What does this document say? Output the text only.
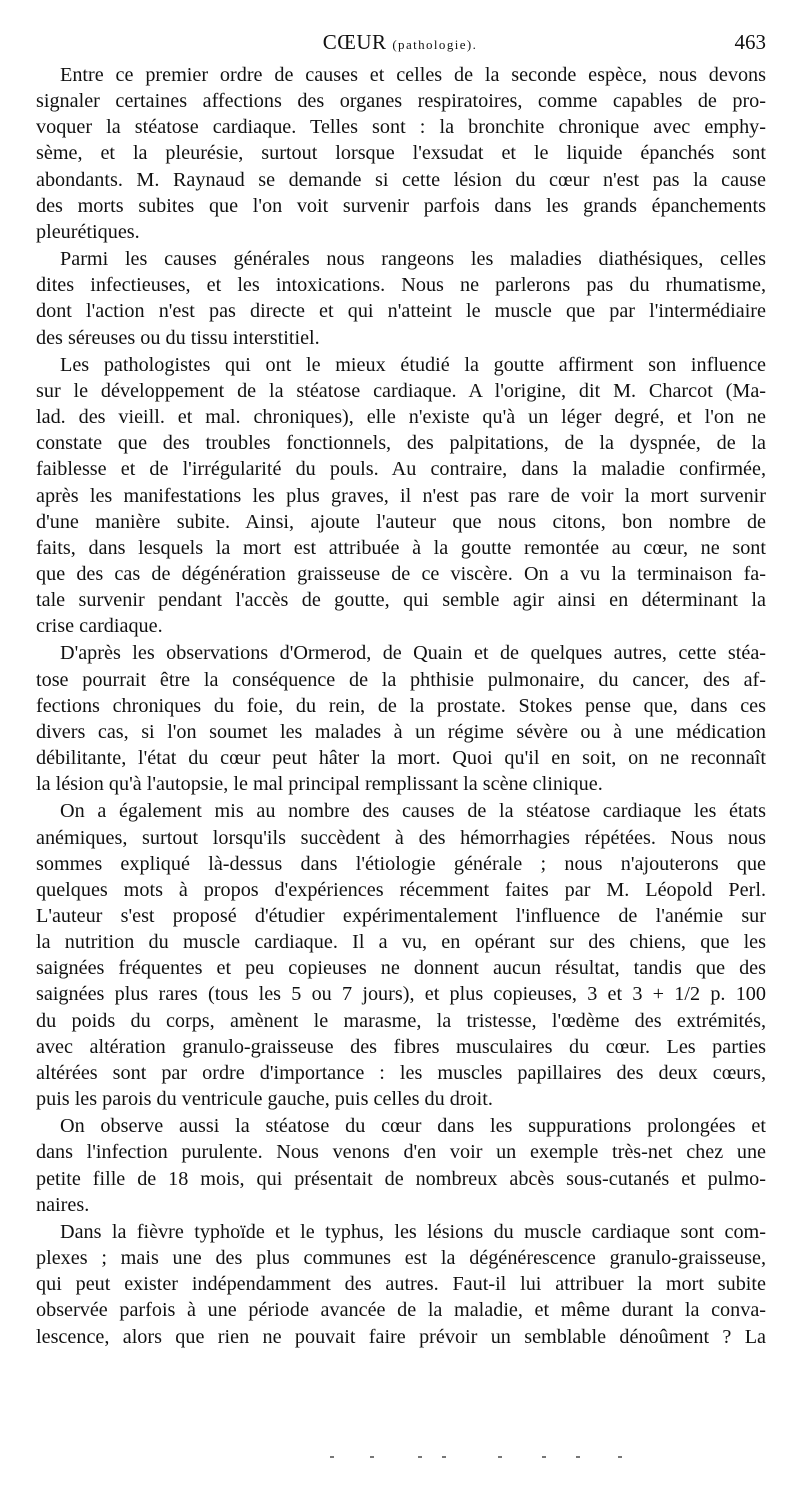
CŒUR (pathologie).	463
Entre ce premier ordre de causes et celles de la seconde espèce, nous devons
signaler certaines affections des organes respiratoires, comme capables de pro-
voquer la stéatose cardiaque. Telles sont : la bronchite chronique avec emphy-
sème, et la pleurésie, surtout lorsque l'exsudat et le liquide épanchés sont
abondants. M. Raynaud se demande si cette lésion du cœur n'est pas la cause
des morts subites que l'on voit survenir parfois dans les grands épanchements
pleurétiques.
Parmi les causes générales nous rangeons les maladies diathésiques, celles
dites infectieuses, et les intoxications. Nous ne parlerons pas du rhumatisme,
dont l'action n'est pas directe et qui n'atteint le muscle que par l'intermédiaire
des séreuses ou du tissu interstitiel.
Les pathologistes qui ont le mieux étudié la goutte affirment son influence
sur le développement de la stéatose cardiaque. A l'origine, dit M. Charcot (Ma-
lad. des vieill. et mal. chroniques), elle n'existe qu'à un léger degré, et l'on ne
constate que des troubles fonctionnels, des palpitations, de la dyspnée, de la
faiblesse et de l'irrégularité du pouls. Au contraire, dans la maladie confirmée,
après les manifestations les plus graves, il n'est pas rare de voir la mort survenir
d'une manière subite. Ainsi, ajoute l'auteur que nous citons, bon nombre de
faits, dans lesquels la mort est attribuée à la goutte remontée au cœur, ne sont
que des cas de dégénération graisseuse de ce viscère. On a vu la terminaison fa-
tale survenir pendant l'accès de goutte, qui semble agir ainsi en déterminant la
crise cardiaque.
D'après les observations d'Ormerod, de Quain et de quelques autres, cette stéa-
tose pourrait être la conséquence de la phthisie pulmonaire, du cancer, des af-
fections chroniques du foie, du rein, de la prostate. Stokes pense que, dans ces
divers cas, si l'on soumet les malades à un régime sévère ou à une médication
débilitante, l'état du cœur peut hâter la mort. Quoi qu'il en soit, on ne reconnaît
la lésion qu'à l'autopsie, le mal principal remplissant la scène clinique.
On a également mis au nombre des causes de la stéatose cardiaque les états
anémiques, surtout lorsqu'ils succèdent à des hémorrhagies répétées. Nous nous
sommes expliqué là-dessus dans l'étiologie générale ; nous n'ajouterons que
quelques mots à propos d'expériences récemment faites par M. Léopold Perl.
L'auteur s'est proposé d'étudier expérimentalement l'influence de l'anémie sur
la nutrition du muscle cardiaque. Il a vu, en opérant sur des chiens, que les
saignées fréquentes et peu copieuses ne donnent aucun résultat, tandis que des
saignées plus rares (tous les 5 ou 7 jours), et plus copieuses, 3 et 3 + 1/2 p. 100
du poids du corps, amènent le marasme, la tristesse, l'œdème des extrémités,
avec altération granulo-graisseuse des fibres musculaires du cœur. Les parties
altérées sont par ordre d'importance : les muscles papillaires des deux cœurs,
puis les parois du ventricule gauche, puis celles du droit.
On observe aussi la stéatose du cœur dans les suppurations prolongées et
dans l'infection purulente. Nous venons d'en voir un exemple très-net chez une
petite fille de 18 mois, qui présentait de nombreux abcès sous-cutanés et pulmo-
naires.
Dans la fièvre typhoïde et le typhus, les lésions du muscle cardiaque sont com-
plexes ; mais une des plus communes est la dégénérescence granulo-graisseuse,
qui peut exister indépendamment des autres. Faut-il lui attribuer la mort subite
observée parfois à une période avancée de la maladie, et même durant la conva-
lescence, alors que rien ne pouvait faire prévoir un semblable dénoûment ? La
